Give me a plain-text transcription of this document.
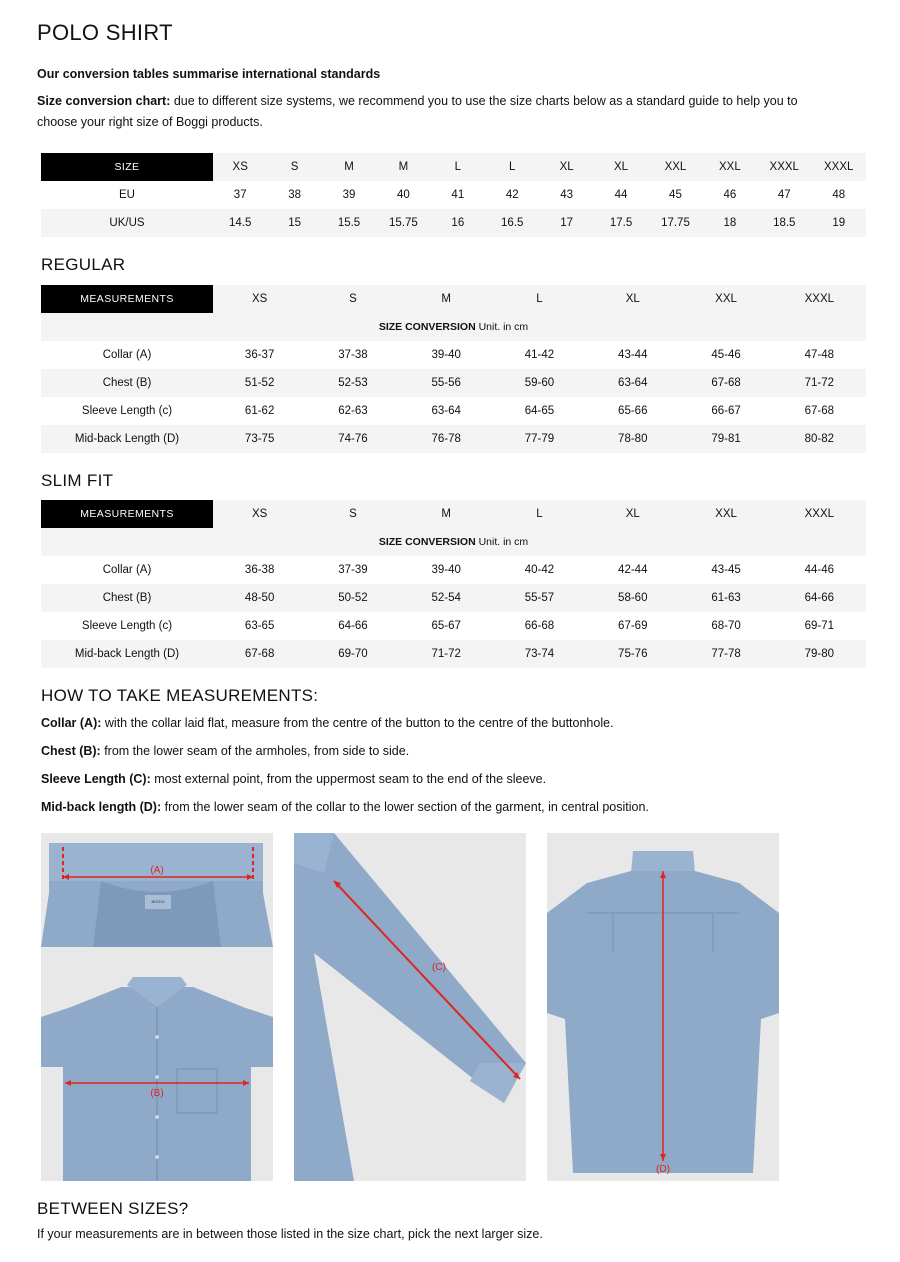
POLO SHIRT
Our conversion tables summarise international standards
Size conversion chart: due to different size systems, we recommend you to use the size charts below as a standard guide to help you to choose your right size of Boggi products.
SIZE	XS	S	M	M	L	L	XL	XL	XXL	XXL	XXXL	XXXL
EU	37	38	39	40	41	42	43	44	45	46	47	48
UK/US	14.5	15	15.5	15.75	16	16.5	17	17.5	17.75	18	18.5	19
REGULAR
MEASUREMENTS	XS	S	M	L	XL	XXL	XXXL
SIZE CONVERSION Unit. in cm							
Collar (A)	36-37	37-38	39-40	41-42	43-44	45-46	47-48
Chest (B)	51-52	52-53	55-56	59-60	63-64	67-68	71-72
Sleeve Length (c)	61-62	62-63	63-64	64-65	65-66	66-67	67-68
Mid-back Length (D)	73-75	74-76	76-78	77-79	78-80	79-81	80-82
SLIM FIT
MEASUREMENTS	XS	S	M	L	XL	XXL	XXXL
SIZE CONVERSION Unit. in cm							
Collar (A)	36-38	37-39	39-40	40-42	42-44	43-45	44-46
Chest (B)	48-50	50-52	52-54	55-57	58-60	61-63	64-66
Sleeve Length (c)	63-65	64-66	65-67	66-68	67-69	68-70	69-71
Mid-back Length (D)	67-68	69-70	71-72	73-74	75-76	77-78	79-80
HOW TO TAKE MEASUREMENTS:
Collar (A): with the collar laid flat, measure from the centre of the button to the centre of the buttonhole.
Chest (B): from the lower seam of the armholes, from side to side.
Sleeve Length (C): most external point, from the uppermost seam to the end of the sleeve.
Mid-back length (D): from the lower seam of the collar to the lower section of the garment, in central position.
BOGGI
(A)
(B)
(C)
(D)
BETWEEN SIZES?
If your measurements are in between those listed in the size chart, pick the next larger size.
